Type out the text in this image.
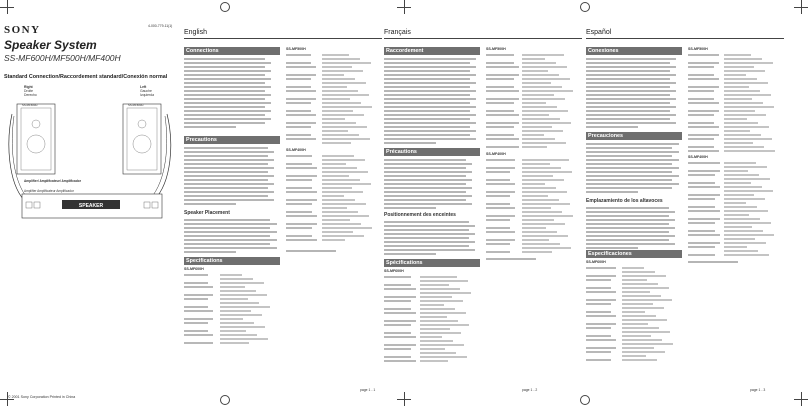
SONY	4-000-779-11(1)
Speaker System
SS-MF600H/MF500H/MF400H
Standard Connection/Raccordement standard/Conexión normal
SPEAKER
Right
Droite
Derecho
Left
Gauche
Izquierda
SS-MF600H	SS-MF600H
Amplifier/ Amplificateur/ Amplificador
Amplifier Amplificateur Amplificador
© 2001 Sony Corporation Printed in China
English
Connections
Precautions
Speaker Placement
Specifications
SS-MF600H
SS-MF500H
SS-MF400H
page 1 - 1
Français
Raccordement
Précautions
Positionnement des enceintes
Spécifications
SS-MF600H
SS-MF500H
SS-MF400H
page 1 - 2
Español
Conexiones
Precauciones
Emplazamiento de los altavoces
Especificaciones
SS-MF600H
SS-MF500H
SS-MF400H
page 1 - 3
